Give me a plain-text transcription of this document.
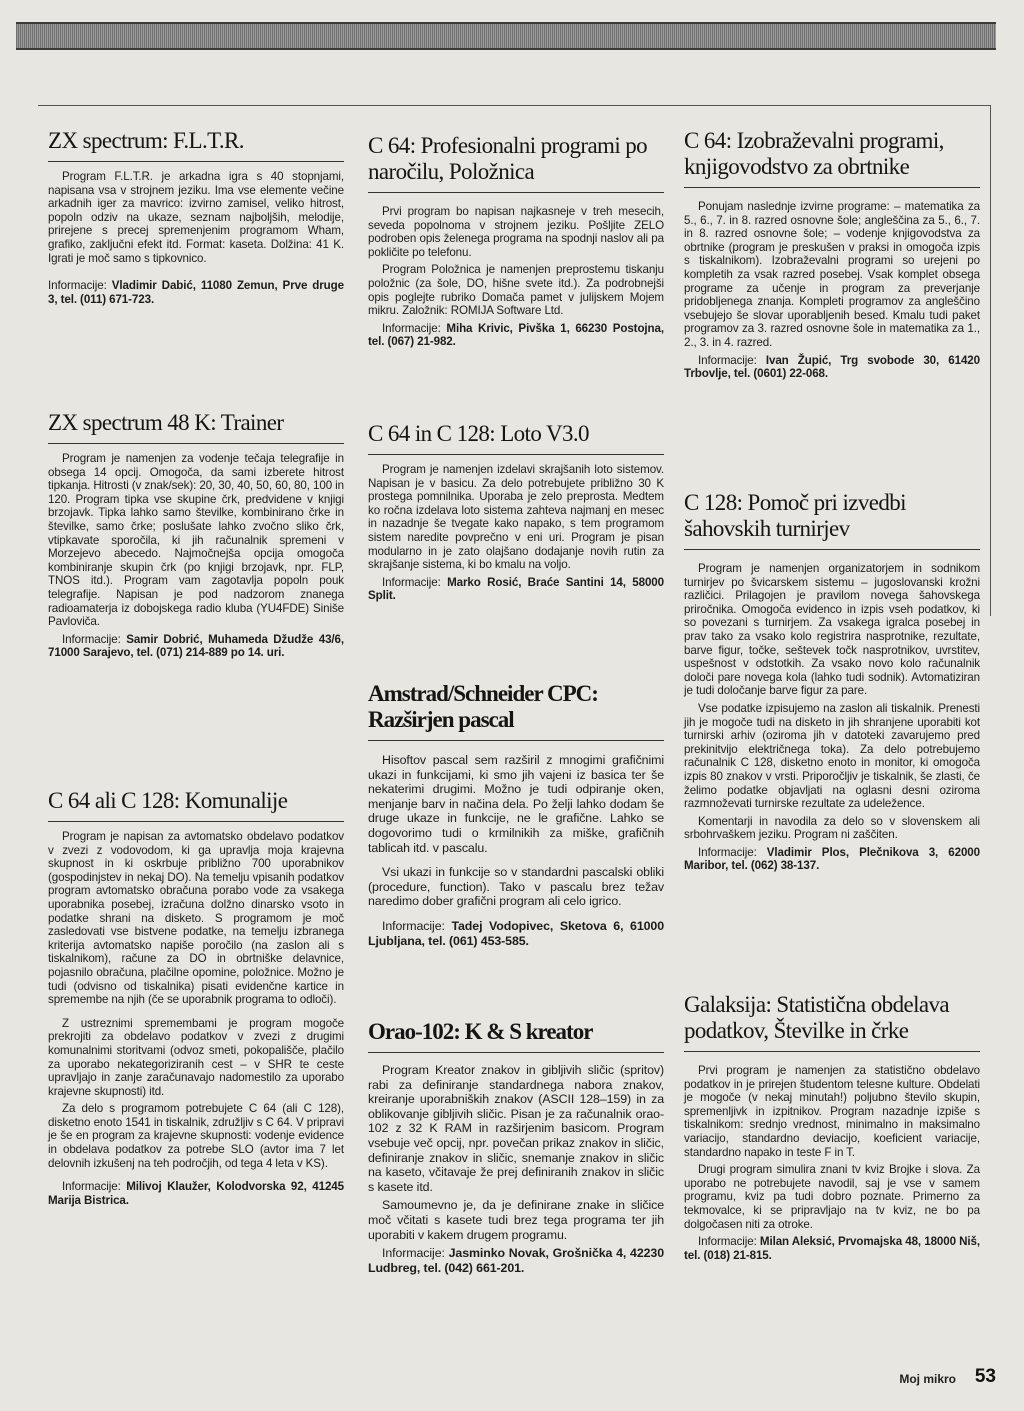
ZX spectrum: F.L.T.R.

Program F.L.T.R. je arkadna igra s 40 stopnjami, napisana vsa v strojnem jeziku. Ima vse elemente večine arkadnih iger za mavrico: izvirno zamisel, veliko hitrost, popoln odziv na ukaze, seznam najboljših, melodije, prirejene s precej spremenjenim programom Wham, grafiko, zaključni efekt itd. Format: kaseta. Dolžina: 41 K. Igrati je moč samo s tipkovnico.

Informacije: Vladimir Dabić, 11080 Zemun, Prve druge 3, tel. (011) 671-723.

ZX spectrum 48 K: Trainer

Program je namenjen za vodenje tečaja telegrafije in obsega 14 opcij. Omogoča, da sami izberete hitrost tipkanja. Hitrosti (v znak/sek): 20, 30, 40, 50, 60, 80, 100 in 120. Program tipka vse skupine črk, predvidene v knjigi brzojavk. Tipka lahko samo številke, kombinirano črke in številke, samo črke; poslušate lahko zvočno sliko črk, vtipkavate sporočila, ki jih računalnik spremeni v Morzejevo abecedo. Najmočnejša opcija omogoča kombiniranje skupin črk (po knjigi brzojavk, npr. FLP, TNOS itd.). Program vam zagotavlja popoln pouk telegrafije. Napisan je pod nadzorom znanega radioamaterja iz dobojskega radio kluba (YU4FDE) Siniše Pavloviča.

Informacije: Samir Dobrić, Muhameda Džudže 43/6, 71000 Sarajevo, tel. (071) 214-889 po 14. uri.

C 64 ali C 128: Komunalije

Program je napisan za avtomatsko obdelavo podatkov v zvezi z vodovodom, ki ga upravlja moja krajevna skupnost in ki oskrbuje približno 700 uporabnikov (gospodinjstev in nekaj DO). Na temelju vpisanih podatkov program avtomatsko obračuna porabo vode za vsakega uporabnika posebej, izračuna dolžno dinarsko vsoto in podatke shrani na disketo. S programom je moč zasledovati vse bistvene podatke, na temelju izbranega kriterija avtomatsko napiše poročilo (na zaslon ali s tiskalnikom), račune za DO in obrtniške delavnice, pojasnilo obračuna, plačilne opomine, položnice. Možno je tudi (odvisno od tiskalnika) pisati evidenčne kartice in spremembe na njih (če se uporabnik programa to odloči).

Z ustreznimi spremembami je program mogoče prekrojiti za obdelavo podatkov v zvezi z drugimi komunalnimi storitvami (odvoz smeti, pokopališče, plačilo za uporabo nekategoriziranih cest – v SHR te ceste upravljajo in zanje zaračunavajo nadomestilo za uporabo krajevne skupnosti) itd.

Za delo s programom potrebujete C 64 (ali C 128), disketno enoto 1541 in tiskalnik, združljiv s C 64. V pripravi je še en program za krajevne skupnosti: vodenje evidence in obdelava podatkov za potrebe SLO (avtor ima 7 let delovnih izkušenj na teh področjih, od tega 4 leta v KS).

Informacije: Milivoj Klaužer, Kolodvorska 92, 41245 Marija Bistrica.

C 64: Profesionalni programi po naročilu, Položnica

Prvi program bo napisan najkasneje v treh mesecih, seveda popolnoma v strojnem jeziku. Pošljite ZELO podroben opis želenega programa na spodnji naslov ali pa pokličite po telefonu.

Program Položnica je namenjen preprostemu tiskanju položnic (za šole, DO, hišne svete itd.). Za podrobnejši opis poglejte rubriko Domača pamet v julijskem Mojem mikru. Založnik: ROMIJA Software Ltd.

Informacije: Miha Krivic, Pivška 1, 66230 Postojna, tel. (067) 21-982.

C 64 in C 128: Loto V3.0

Program je namenjen izdelavi skrajšanih loto sistemov. Napisan je v basicu. Za delo potrebujete približno 30 K prostega pomnilnika. Uporaba je zelo preprosta. Medtem ko ročna izdelava loto sistema zahteva najmanj en mesec in nazadnje še tvegate kako napako, s tem programom sistem naredite povprečno v eni uri. Program je pisan modularno in je zato olajšano dodajanje novih rutin za skrajšanje sistema, ki bo kmalu na voljo.

Informacije: Marko Rosić, Braće Santini 14, 58000 Split.

Amstrad/Schneider CPC: Razširjen pascal

Hisoftov pascal sem razširil z mnogimi grafičnimi ukazi in funkcijami, ki smo jih vajeni iz basica ter še nekaterimi drugimi. Možno je tudi odpiranje oken, menjanje barv in načina dela. Po želji lahko dodam še druge ukaze in funkcije, ne le grafične. Lahko se dogovorimo tudi o krmilnikih za miške, grafičnih tablicah itd. v pascalu.

Vsi ukazi in funkcije so v standardni pascalski obliki (procedure, function). Tako v pascalu brez težav naredimo dober grafični program ali celo igrico.

Informacije: Tadej Vodopivec, Sketova 6, 61000 Ljubljana, tel. (061) 453-585.

Orao-102: K & S kreator

Program Kreator znakov in gibljivih sličic (spritov) rabi za definiranje standardnega nabora znakov, kreiranje uporabniških znakov (ASCII 128–159) in za oblikovanje gibljivih sličic. Pisan je za računalnik orao-102 z 32 K RAM in razširjenim basicom. Program vsebuje več opcij, npr. povečan prikaz znakov in sličic, definiranje znakov in sličic, snemanje znakov in sličic na kaseto, včitavaje že prej definiranih znakov in sličic s kasete itd.

Samoumevno je, da je definirane znake in sličice moč včitati s kasete tudi brez tega programa ter jih uporabiti v kakem drugem programu.

Informacije: Jasminko Novak, Grošnička 4, 42230 Ludbreg, tel. (042) 661-201.

C 64: Izobraževalni programi, knjigovodstvo za obrtnike

Ponujam naslednje izvirne programe: – matematika za 5., 6., 7. in 8. razred osnovne šole; angleščina za 5., 6., 7. in 8. razred osnovne šole; – vodenje knjigovodstva za obrtnike (program je preskušen v praksi in omogoča izpis s tiskalnikom). Izobraževalni programi so urejeni po kompletih za vsak razred posebej. Vsak komplet obsega programe za učenje in program za preverjanje pridobljenega znanja. Kompleti programov za angleščino vsebujejo še slovar uporabljenih besed. Kmalu tudi paket programov za 3. razred osnovne šole in matematika za 1., 2., 3. in 4. razred.

Informacije: Ivan Župić, Trg svobode 30, 61420 Trbovlje, tel. (0601) 22-068.

C 128: Pomoč pri izvedbi šahovskih turnirjev

Program je namenjen organizatorjem in sodnikom turnirjev po švicarskem sistemu – jugoslovanski krožni različici. Prilagojen je pravilom novega šahovskega priročnika. Omogoča evidenco in izpis vseh podatkov, ki so povezani s turnirjem. Za vsakega igralca posebej in prav tako za vsako kolo registrira nasprotnike, rezultate, barve figur, točke, seštevek točk nasprotnikov, uvrstitev, uspešnost v odstotkih. Za vsako novo kolo računalnik določi pare novega kola (lahko tudi sodnik). Avtomatiziran je tudi določanje barve figur za pare.

Vse podatke izpisujemo na zaslon ali tiskalnik. Prenesti jih je mogoče tudi na disketo in jih shranjene uporabiti kot turnirski arhiv (oziroma jih v datoteki zavarujemo pred prekinitvijo električnega toka). Za delo potrebujemo računalnik C 128, disketno enoto in monitor, ki omogoča izpis 80 znakov v vrsti. Priporočljiv je tiskalnik, še zlasti, če želimo podatke objavljati na oglasni desni oziroma razmnoževati turnirske rezultate za udeležence.

Komentarji in navodila za delo so v slovenskem ali srbohrvaškem jeziku. Program ni zaščiten.

Informacije: Vladimir Plos, Plečnikova 3, 62000 Maribor, tel. (062) 38-137.

Galaksija: Statistična obdelava podatkov, Številke in črke

Prvi program je namenjen za statistično obdelavo podatkov in je prirejen študentom telesne kulture. Obdelati je mogoče (v nekaj minutah!) poljubno število skupin, spremenljivk in izpitnikov. Program nazadnje izpiše s tiskalnikom: srednjo vrednost, minimalno in maksimalno variacijo, standardno deviacijo, koeficient variacije, standardno napako in teste F in T.

Drugi program simulira znani tv kviz Brojke i slova. Za uporabo ne potrebujete navodil, saj je vse v samem programu, kviz pa tudi dobro poznate. Primerno za tekmovalce, ki se pripravljajo na tv kviz, ne bo pa dolgočasen niti za otroke.

Informacije: Milan Aleksić, Prvomajska 48, 18000 Niš, tel. (018) 21-815.

Moj mikro 53
